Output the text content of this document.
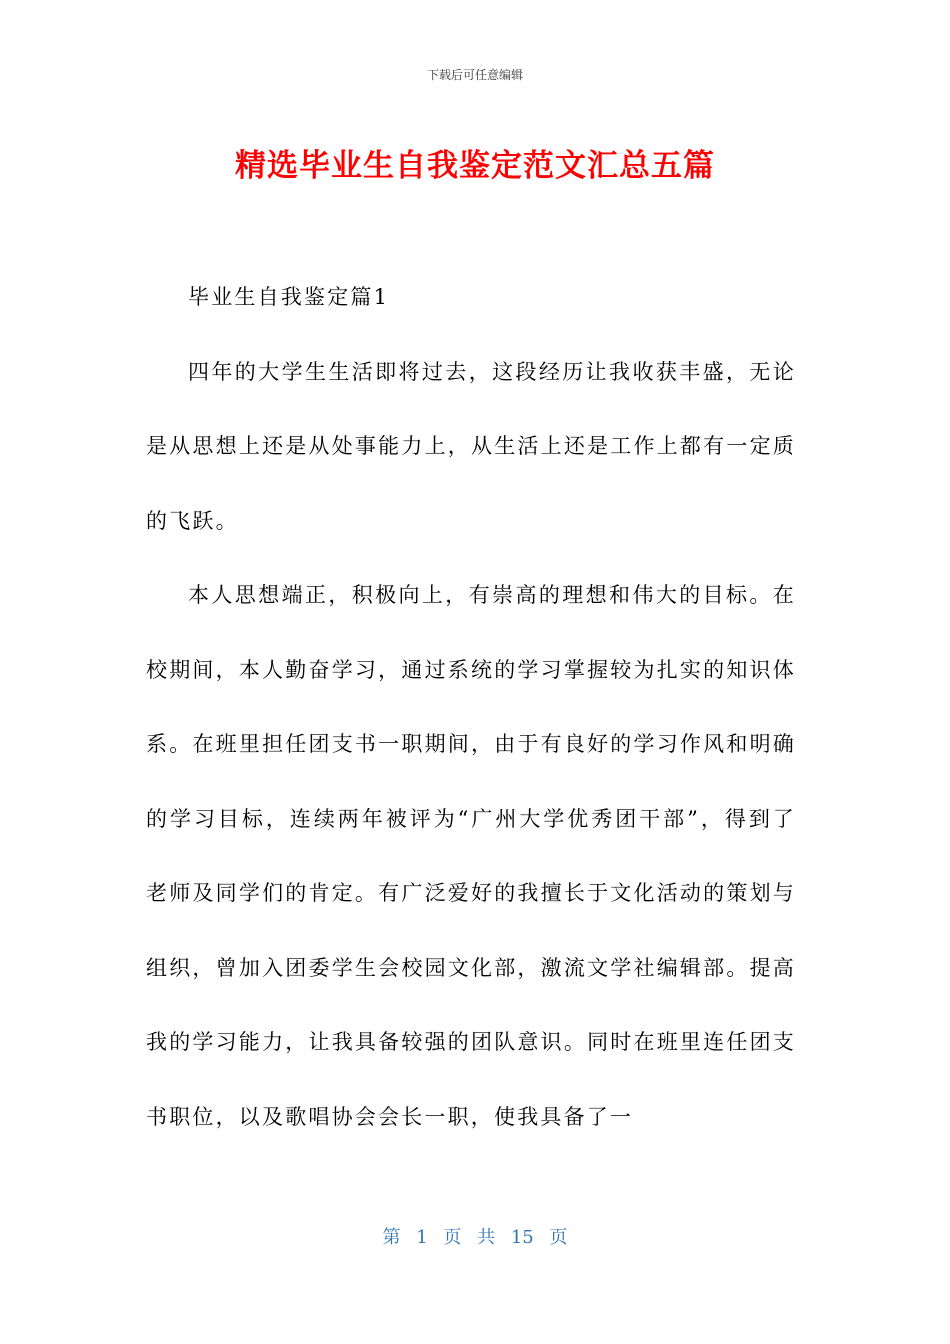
下载后可任意编辑
精选毕业生自我鉴定范文汇总五篇

毕业生自我鉴定篇1

四年的大学生生活即将过去，这段经历让我收获丰盛，无论是从思想上还是从处事能力上，从生活上还是工作上都有一定质的飞跃。

本人思想端正，积极向上，有崇高的理想和伟大的目标。在校期间，本人勤奋学习，通过系统的学习掌握较为扎实的知识体系。在班里担任团支书一职期间，由于有良好的学习作风和明确的学习目标，连续两年被评为“广州大学优秀团干部”，得到了老师及同学们的肯定。有广泛爱好的我擅长于文化活动的策划与组织，曾加入团委学生会校园文化部，激流文学社编辑部。提高我的学习能力，让我具备较强的团队意识。同时在班里连任团支书职位，以及歌唱协会会长一职，使我具备了一

第 1 页 共 15 页
